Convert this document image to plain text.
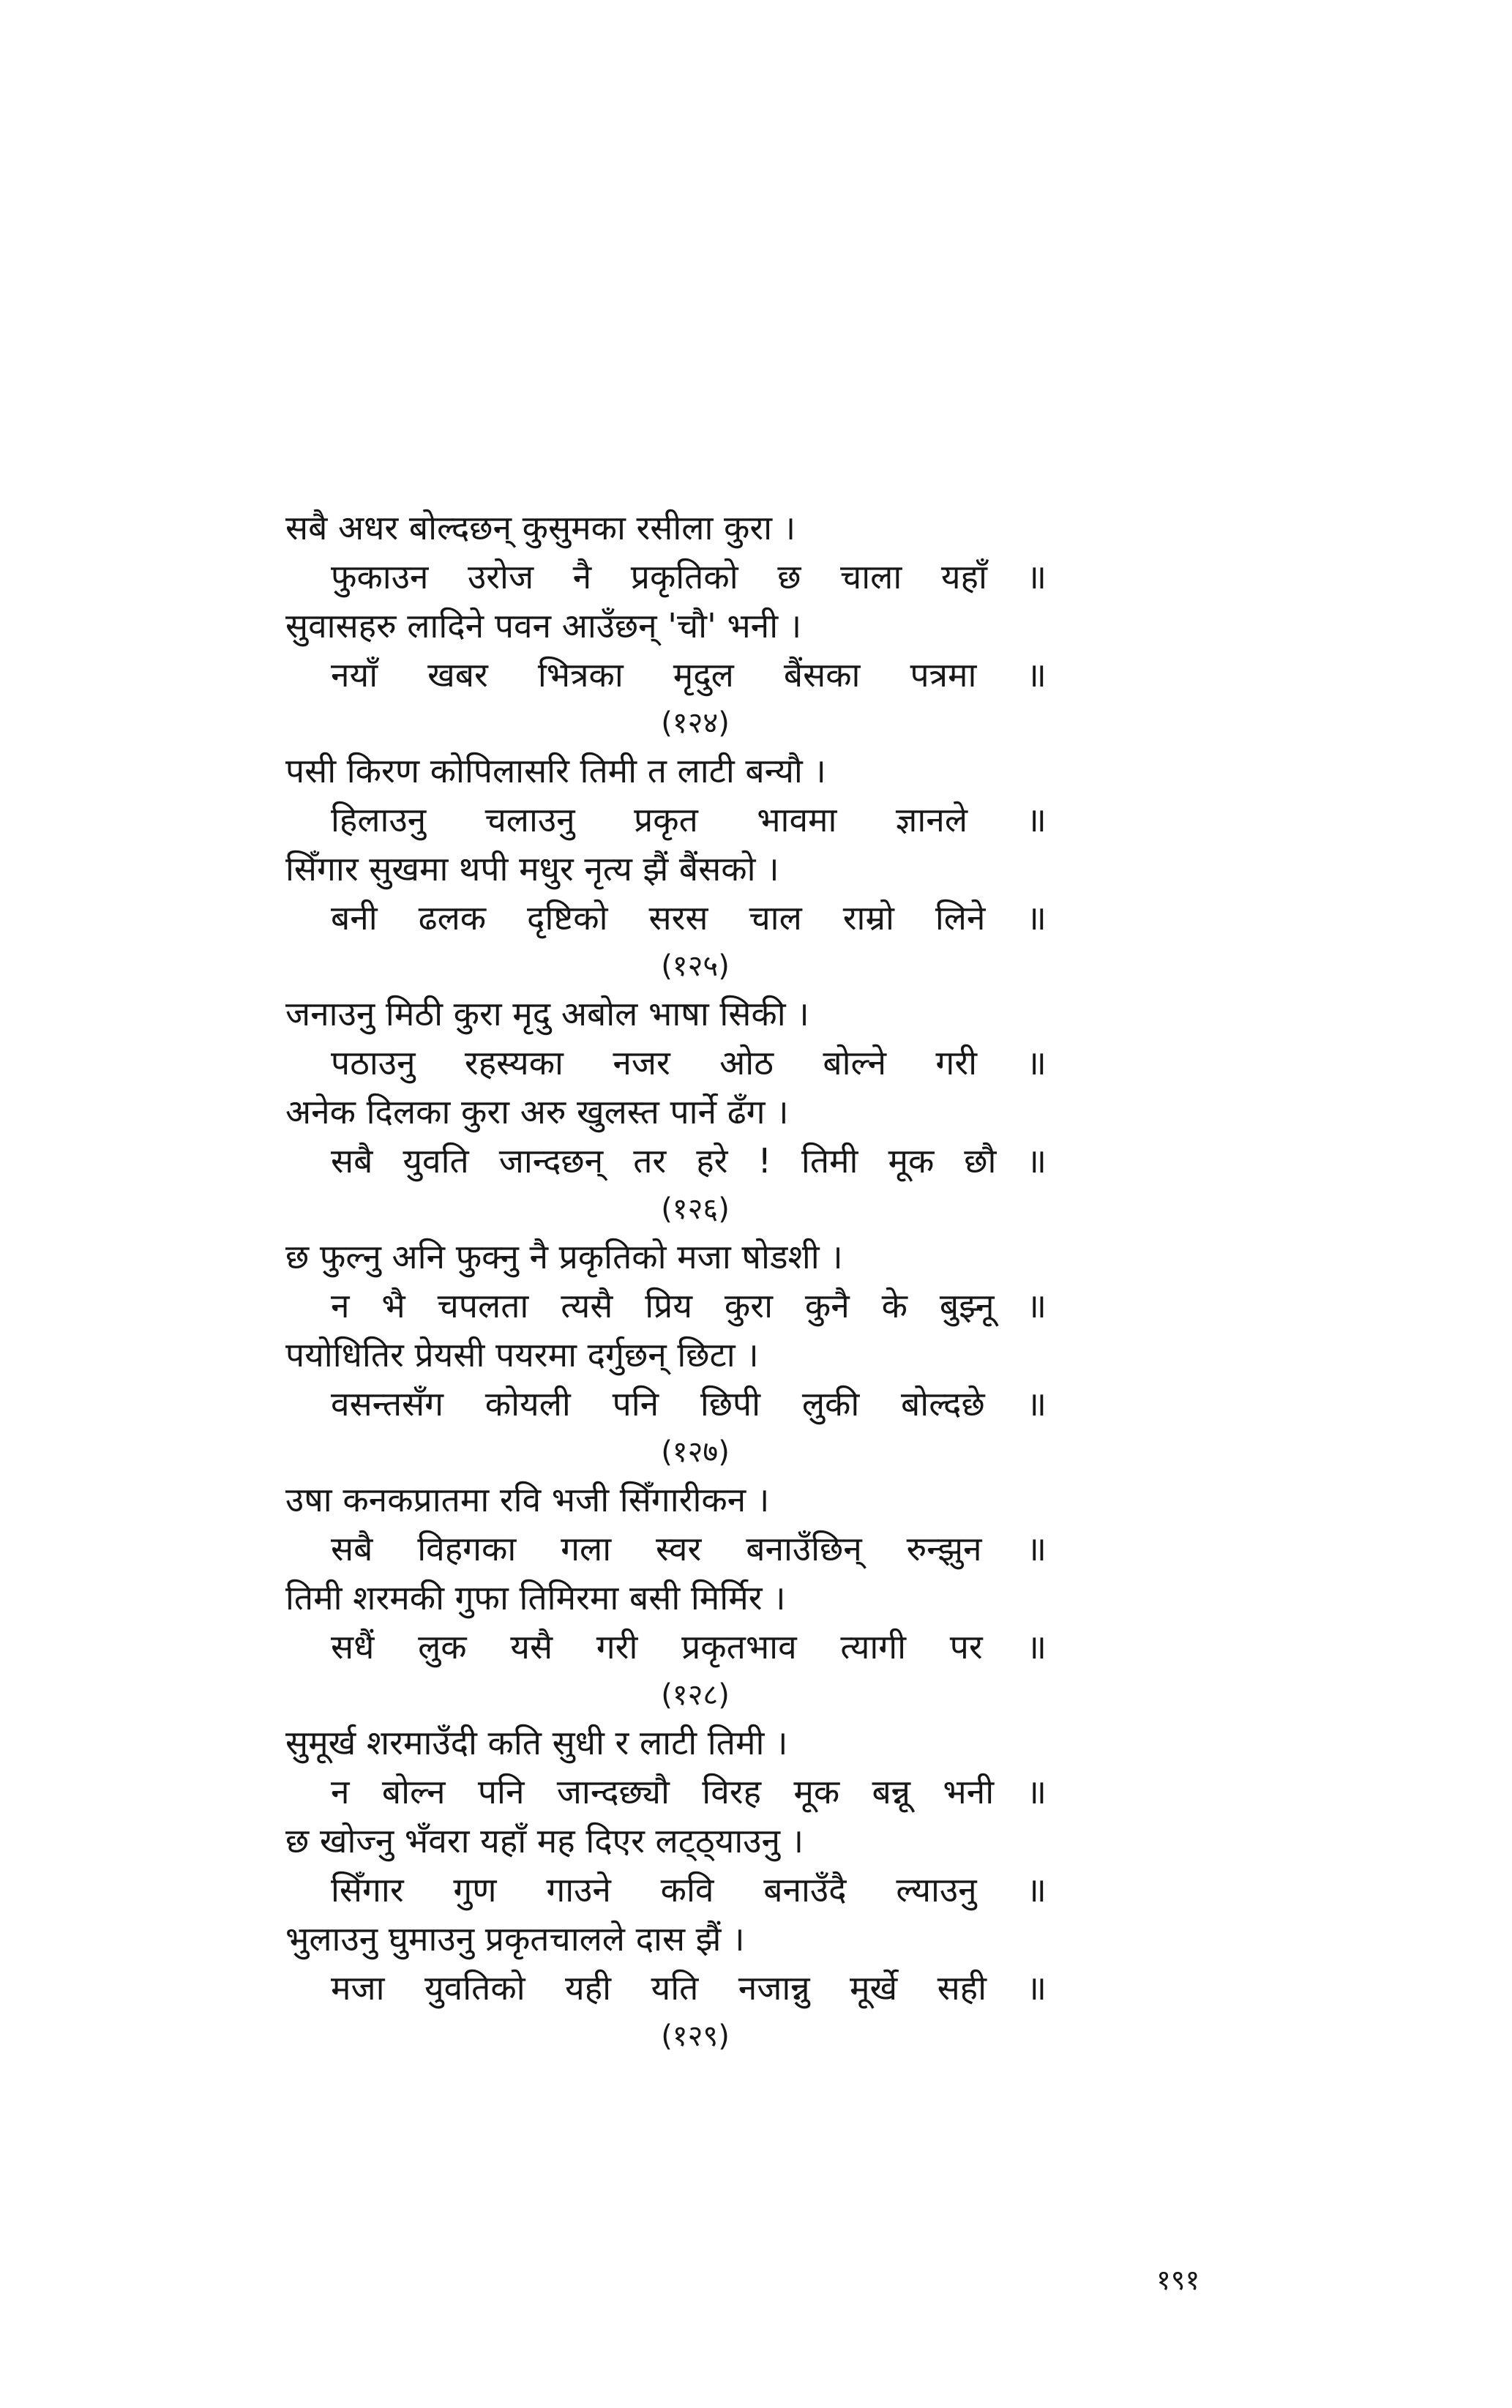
सबै अधर बोल्दछन् कुसुमका रसीला कुरा ।
फुकाउन उरोज नै प्रकृतिको छ चाला यहाँ ॥
सुवासहरु लादिने पवन आउँछन् 'चौ' भनी ।
नयाँ खबर भित्रका मृदुल बैंसका पत्रमा ॥
(१२४)
पसी किरण कोपिलासरि तिमी त लाटी बन्यौ ।
हिलाउनु चलाउनु प्रकृत भावमा ज्ञानले ॥
सिँगार सुखमा थपी मधुर नृत्य झैं बैंसको ।
बनी ढलक दृष्टिको सरस चाल राम्रो लिने ॥
(१२५)
जनाउनु मिठी कुरा मृदु अबोल भाषा सिकी ।
पठाउनु रहस्यका नजर ओठ बोल्ने गरी ॥
अनेक दिलका कुरा अरु खुलस्त पार्ने ढँग ।
सबै युवति जान्दछन् तर हरे ! तिमी मूक छौ ॥
(१२६)
छ फुल्नु अनि फुक्नु नै प्रकृतिको मजा षोडशी ।
न भै चपलता त्यसै प्रिय कुरा कुनै के बुझ्नू ॥
पयोधितिर प्रेयसी पयरमा दर्गुछन् छिटा ।
वसन्तसँग कोयली पनि छिपी लुकी बोल्दछे ॥
(१२७)
उषा कनकप्रातमा रवि भजी सिँगारीकन ।
सबै विहगका गला स्वर बनाउँछिन् रुन्झुन ॥
तिमी शरमकी गुफा तिमिरमा बसी मिर्मिर ।
सधैं लुक यसै गरी प्रकृतभाव त्यागी पर ॥
(१२८)
सुमूर्ख शरमाउँदी कति सुधी र लाटी तिमी ।
न बोल्न पनि जान्दछ्यौ विरह मूक बन्नू भनी ॥
छ खोज्नु भँवरा यहाँ मह दिएर लट्ठ्याउनु ।
सिँगार गुण गाउने कवि बनाउँदै ल्याउनु ॥
भुलाउनु घुमाउनु प्रकृतचालले दास झैं ।
मजा युवतिको यही यति नजान्नु मूर्खे सही ॥
(१२९)
१९१
